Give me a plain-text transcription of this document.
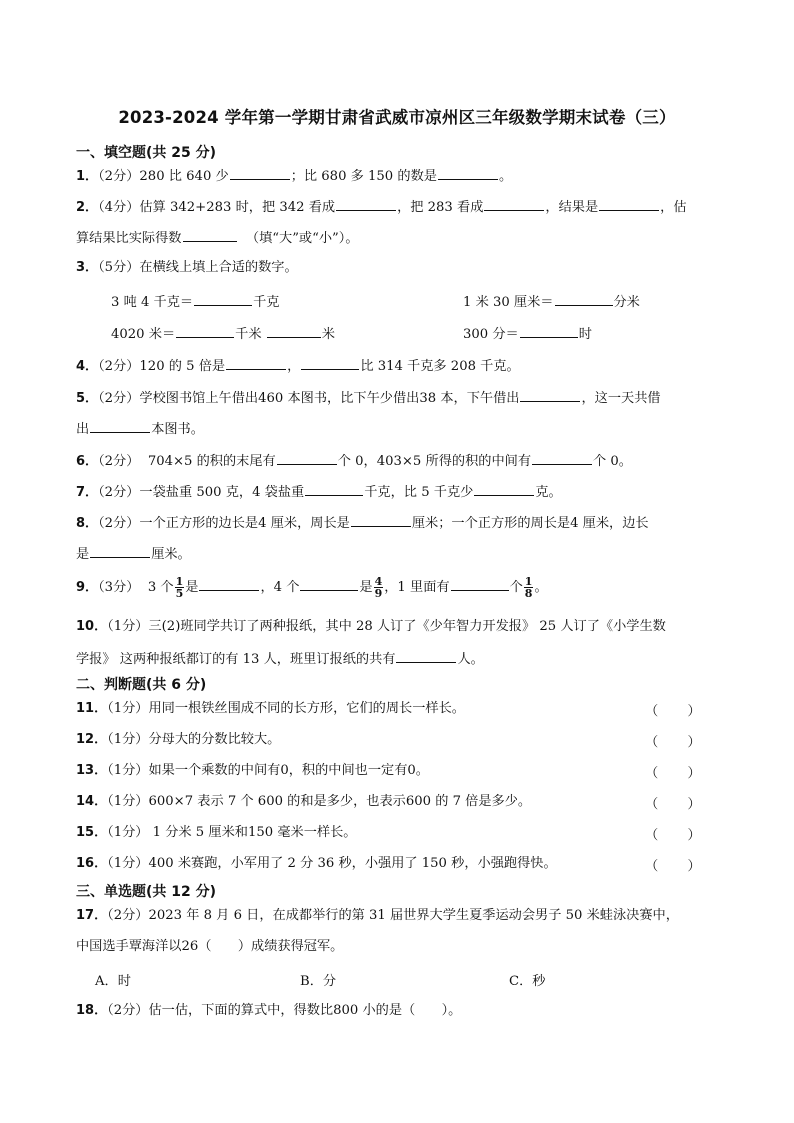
2023-2024 学年第一学期甘肃省武威市凉州区三年级数学期末试卷（三）
一、填空题(共 25 分)
1．（2分）280 比 640 少	；比 680 多 150 的数是	。
2．（4分）估算 342+283 时，把 342 看成	，把 283 看成	，结果是	，估
算结果比实际得数	（填“大”或“小”）。
3．（5分）在横线上填上合适的数字。
3 吨 4 千克＝	千克	1 米 30 厘米＝	分米
4020 米＝	千米	米	300 分＝	时
4．（2分）120 的 5 倍是	，	比 314 千克多 208 千克。
5．（2分）学校图书馆上午借出460 本图书，比下午少借出38 本，下午借出	，这一天共借
出	本图书。
6．（2分） 704×5 的积的末尾有	个 0，403×5 所得的积的中间有	个 0。
7．（2分）一袋盐重 500 克，4 袋盐重	千克，比 5 千克少	克。
8．（2分）一个正方形的边长是4 厘米，周长是	厘米；一个正方形的周长是4 厘米，边长
是	厘米。
9．（3分） 3 个 $\frac{1}{5}$ 是	，4 个	是 $\frac{4}{9}$ ，1 里面有	个 $\frac{1}{8}$ 。
10．（1分）三(2)班同学共订了两种报纸，其中 28 人订了《少年智力开发报》 25 人订了《小学生数
学报》 这两种报纸都订的有 13 人，班里订报纸的共有	人。
二、判断题(共 6 分)
11．（1分）用同一根铁丝围成不同的长方形，它们的周长一样长。	（　　）
12．（1分）分母大的分数比较大。	（　　）
13．（1分）如果一个乘数的中间有0，积的中间也一定有0。	（　　）
14．（1分）600×7 表示 7 个 600 的和是多少，也表示600 的 7 倍是多少。	（　　）
15．（1分） 1 分米 5 厘米和150 毫米一样长。	（　　）
16．（1分）400 米赛跑，小军用了 2 分 36 秒，小强用了 150 秒，小强跑得快。	（　　）
三、单选题(共 12 分)
17．（2分）2023 年 8 月 6 日，在成都举行的第 31 届世界大学生夏季运动会男子 50 米蛙泳决赛中，
中国选手覃海洋以26（　　）成绩获得冠军。
A．时	B．分	C．秒
18．（2分）估一估，下面的算式中，得数比800 小的是（　　）。
